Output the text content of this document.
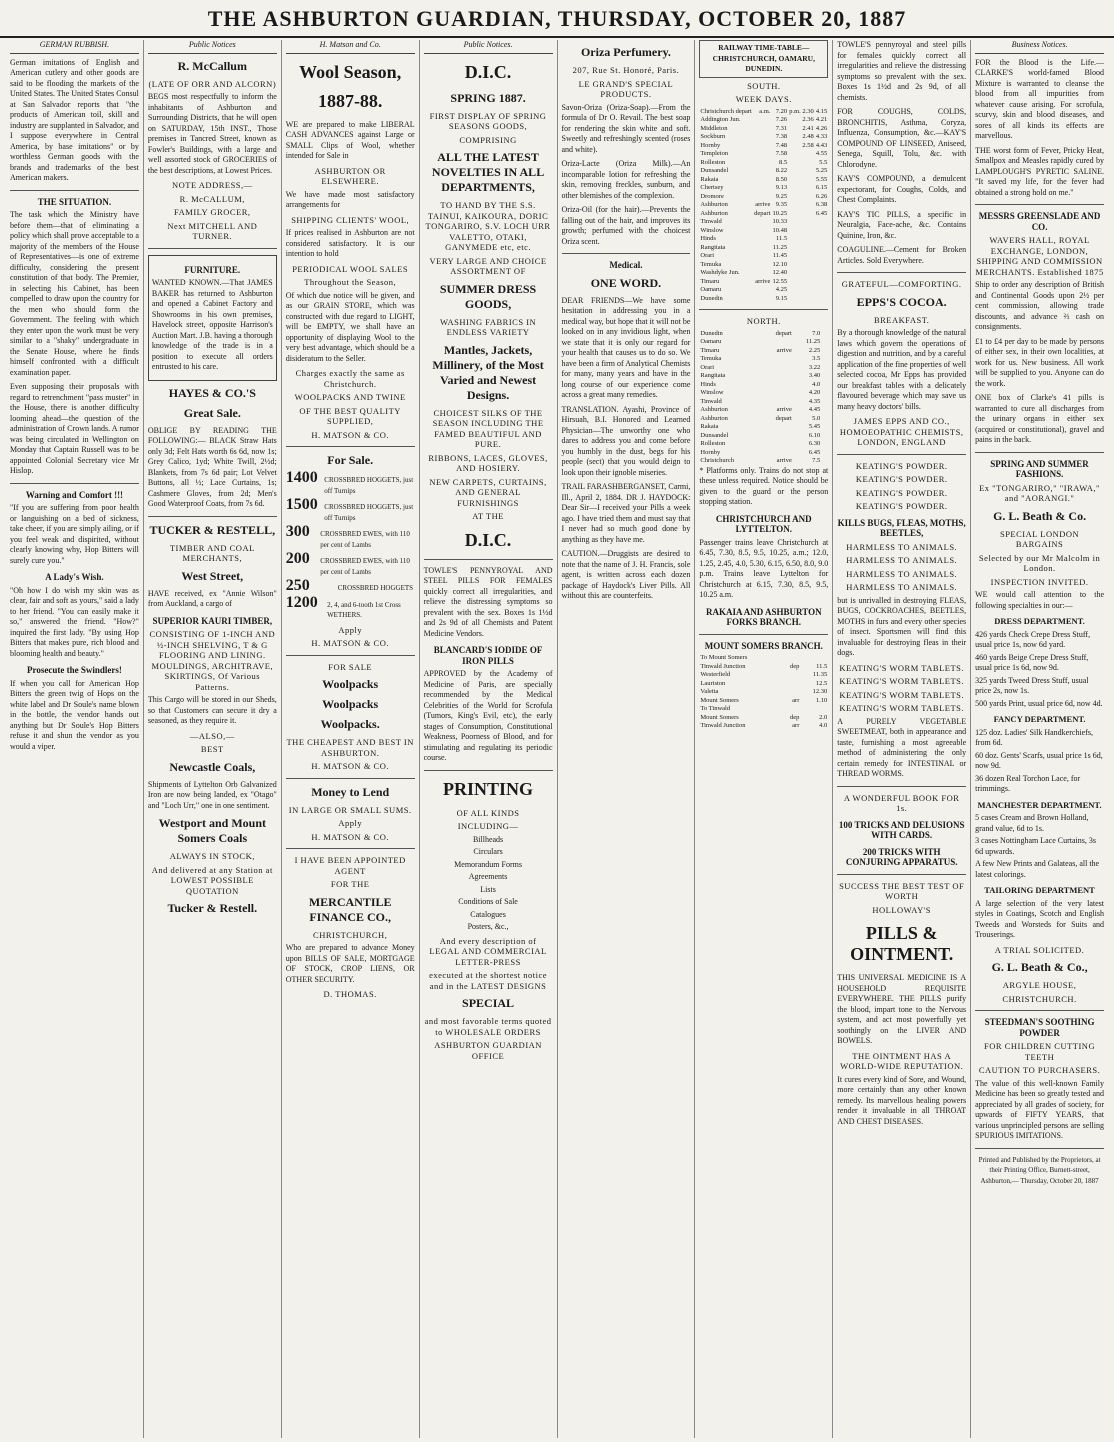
THE ASHBURTON GUARDIAN, THURSDAY, OCTOBER 20, 1887
GERMAN RUBBISH.

German imitations of English and American cutlery and other goods are said to be flooding the markets of the United States. The United States Consul at San Salvador reports that "the products of American toil, skill and industry are supplanted in Salvador, and I suppose everywhere in Central America, by base imitations" or by worthless German goods with the brands and trademarks of the best American makers.

THE SITUATION.

The task which the Ministry have before them—that of eliminating a policy which shall prove acceptable to a majority of the members of the House of Representatives—is one of extreme difficulty, considering the present constitution of that body. The Premier, in selecting his Cabinet, has been compelled to draw upon the country for the men who should form the Government. The feeling with which they enter upon the work must be very similar to a "shaky" undergraduate in the Senate House, where he finds himself confronted with a difficult examination paper.

Even supposing their proposals with regard to retrenchment "pass muster" in the House, there is another difficulty looming ahead—the question of the administration of Crown lands. A rumor was being circulated in Wellington on Monday that Captain Russell was to be appointed Colonial Secretary vice Mr Hislop.

Warning and Comfort !!!

"If you are suffering from poor health or languishing on a bed of sickness, take cheer, if you are simply ailing, or if you feel weak and dispirited, without clearly knowing why, Hop Bitters will surely cure you."

A Lady's Wish.

"Oh how I do wish my skin was as clear, fair and soft as yours," said a lady to her friend. "You can easily make it so," answered the friend. "How?" inquired the first lady. "By using Hop Bitters that makes pure, rich blood and blooming health and beauty."

Prosecute the Swindlers!

If when you call for American Hop Bitters the green twig of Hops on the white label and Dr Soule's name blown in the bottle, the vendor hands out anything but Dr Soule's Hop Bitters refuse it and shun the vendor as you would a viper.

Public Notices
R. McCallum
(LATE OF ORR AND ALCORN)

BEGS most respectfully to inform the inhabitants of Ashburton and Surrounding Districts, that he will open on SATURDAY, 15th INST., Those premises in Tancred Street, known as Fowler's Buildings, with a large and well assorted stock of GROCERIES of the best descriptions, at Lowest Prices.

NOTE ADDRESS,—
R. McCALLUM,
FAMILY GROCER,
Next MITCHELL AND TURNER.
FURNITURE.

WANTED KNOWN.—That JAMES BAKER has returned to Ashburton and opened a Cabinet Factory and Showrooms in his own premises, Havelock street, opposite Harrison's Auction Mart. J.B. having a thorough knowledge of the trade is in a position to execute all orders entrusted to his care.

HAYES & CO.'S
Great Sale.

OBLIGE BY READING THE FOLLOWING:— BLACK Straw Hats only 3d; Felt Hats worth 6s 6d, now 1s; Grey Calico, 1yd; White Twill, 2½d; Blankets, from 7s 6d pair; Lot Velvet Buttons, all ½; Lace Curtains, 1s; Cashmere Gloves, from 2d; Men's Good Waterproof Coats, from 7s 6d.

TUCKER & RESTELL,
TIMBER AND COAL MERCHANTS,
West Street,

HAVE received, ex "Annie Wilson" from Auckland, a cargo of

SUPERIOR KAURI TIMBER,
CONSISTING OF 1-INCH AND ½-INCH SHELVING, T & G FLOORING AND LINING. MOULDINGS, ARCHITRAVE, SKIRTINGS, Of Various Patterns.

This Cargo will be stored in our Sheds, so that Customers can secure it dry a seasoned, as they require it.

—ALSO,—
BEST
Newcastle Coals,

Shipments of Lyttelton Orb Galvanized Iron are now being landed, ex "Otago" and "Loch Urr," one in one sentiment.

Westport and Mount Somers Coals
ALWAYS IN STOCK,
And delivered at any Station at LOWEST POSSIBLE QUOTATION
Tucker & Restell.
H. Matson and Co.
Wool Season,
1887-88.

WE are prepared to make LIBERAL CASH ADVANCES against Large or SMALL Clips of Wool, whether intended for Sale in

ASHBURTON OR ELSEWHERE.

We have made most satisfactory arrangements for

SHIPPING CLIENTS' WOOL,

If prices realised in Ashburton are not considered satisfactory. It is our intention to hold

PERIODICAL WOOL SALES
Throughout the Season,

Of which due notice will be given, and as our GRAIN STORE, which was constructed with due regard to LIGHT, will be EMPTY, we shall have an opportunity of displaying Wool to the very best advantage, which should be a disideratum to the Seller.

Charges exactly the same as Christchurch.
WOOLPACKS AND TWINE
OF THE BEST QUALITY SUPPLIED,
H. MATSON & CO.
For Sale.
1400 CROSSBRED HOGGETS, just off Turnips
1500 CROSSBRED HOGGETS, just off Turnips
300	CROSSBRED EWES, with 110 per cent of Lambs
200	CROSSBRED EWES, with 110 per cent of Lambs
250	CROSSBRED HOGGETS
1200	2, 4, and 6-tooth 1st Cross WETHERS.
Apply
H. MATSON & CO.
FOR SALE
Woolpacks
Woolpacks
Woolpacks.
THE CHEAPEST AND BEST IN ASHBURTON.
H. MATSON & CO.
Money to Lend
IN LARGE OR SMALL SUMS.
Apply
H. MATSON & CO.
I HAVE BEEN APPOINTED AGENT
FOR THE
MERCANTILE FINANCE CO.,
CHRISTCHURCH,

Who are prepared to advance Money upon BILLS OF SALE, MORTGAGE OF STOCK, CROP LIENS, OR OTHER SECURITY.

D. THOMAS.
Public Notices.
D.I.C.
SPRING 1887.
FIRST DISPLAY OF SPRING SEASONS GOODS,
COMPRISING
ALL THE LATEST NOVELTIES IN ALL DEPARTMENTS,
TO HAND BY THE S.S. TAINUI, KAIKOURA, DORIC TONGARIRO, S.V. LOCH URR VALETTO, OTAKI, GANYMEDE etc, etc.
VERY LARGE AND CHOICE ASSORTMENT OF
SUMMER DRESS GOODS,
WASHING FABRICS IN ENDLESS VARIETY
Mantles, Jackets, Millinery, of the Most Varied and Newest Designs.
CHOICEST SILKS OF THE SEASON INCLUDING THE FAMED BEAUTIFUL AND PURE.
RIBBONS, LACES, GLOVES, AND HOSIERY.
NEW CARPETS, CURTAINS, AND GENERAL FURNISHINGS
AT THE
D.I.C.

TOWLE'S PENNYROYAL AND STEEL PILLS FOR FEMALES quickly correct all irregularities, and relieve the distressing symptoms so prevalent with the sex. Boxes 1s 1½d and 2s 9d of all Chemists and Patent Medicine Vendors.

BLANCARD'S IODIDE OF IRON PILLS

APPROVED by the Academy of Medicine of Paris, are specially recommended by the Medical Celebrities of the World for Scrofula (Tumors, King's Evil, etc), the early stages of Consumption, Constitutional Weakness, Poorness of Blood, and for stimulating and regulating its periodic course.

PRINTING
OF ALL KINDS
INCLUDING—
Billheads
Circulars
Memorandum Forms
Agreements
Lists
Conditions of Sale
Catalogues
Posters, &c.,
And every description of LEGAL AND COMMERCIAL LETTER-PRESS
executed at the shortest notice and in the LATEST DESIGNS
SPECIAL
and most favorable terms quoted to WHOLESALE ORDERS
ASHBURTON GUARDIAN OFFICE
Oriza Perfumery.
207, Rue St. Honoré, Paris.
LE GRAND'S SPECIAL PRODUCTS.

Savon-Oriza (Oriza-Soap).—From the formula of Dr O. Revail. The best soap for rendering the skin white and soft. Sweetly and refreshingly scented (roses and white).

Oriza-Lacte (Oriza Milk).—An incomparable lotion for refreshing the skin, removing freckles, sunburn, and other blemishes of the complexion.

Oriza-Oil (for the hair).—Prevents the falling out of the hair, and improves its growth; perfumed with the choicest Oriza scent.

Medical.
ONE WORD.

DEAR FRIENDS—We have some hesitation in addressing you in a medical way, but hope that it will not be looked on in any invidious light, when we state that it is only our regard for your health that causes us to do so. We have been a firm of Analytical Chemists for many, many years and have in the long course of our experience come across a great many remedies.

TRANSLATION. Ayashi, Province of Hirsuah, B.I. Honored and Learned Physician—The unworthy one who dares to address you and come before you humbly in the dust, begs for his people (sect) that you would deign to look upon their ignoble miseries.

TRAIL FARASHBERGANSET, Carmi, Ill., April 2, 1884. DR J. HAYDOCK: Dear Sir—I received your Pills a week ago. I have tried them and must say that I never had so much good done by anything as they have me.

CAUTION.—Druggists are desired to note that the name of J. H. Francis, sole agent, is written across each dozen package of Haydock's Liver Pills. All without this are counterfeits.

RAILWAY TIME-TABLE—CHRISTCHURCH, OAMARU, DUNEDIN.
SOUTH.
WEEK DAYS.
Christchurch depart	a.m.	7.20	p.m. 2.30	4.15
Addington Jun.		7.26	2.36	4.21
Middleton		7.31	2.41	4.26
Sockburn		7.38	2.48	4.33
Hornby		7.48	2.58	4.43
Templeton		7.58		4.55
Rolleston		8.5		5.5
Dunsandel		8.22		5.25
Rakaia		8.50		5.55
Chertsey		9.13		6.15
Dromore		9.25		6.26
Ashburton	arrive	9.35		6.38
Ashburton	depart	10.25		6.45
Tinwald		10.33		
Winslow		10.48		
Hinds		11.5		
Rangitata		11.25		
Orari		11.45		
Temuka		12.10		
Washdyke Jun.		12.40		
Timaru	arrive	12.55		
Oamaru		4.25		
Dunedin		9.15		
NORTH.
Dunedin	depart	7.0		
Oamaru		11.25		
Timaru	arrive	2.25		
Temuka		3.5		
Orari		3.22		
Rangitata		3.40		
Hinds		4.0		
Winslow		4.20		
Tinwald		4.35		
Ashburton	arrive	4.45		
Ashburton	depart	5.0		
Rakaia		5.45		
Dunsandel		6.10		
Rolleston		6.30		
Hornby		6.45		
Christchurch	arrive	7.5		

* Platforms only. Trains do not stop at these unless required. Notice should be given to the guard or the person stopping station.

CHRISTCHURCH AND LYTTELTON.

Passenger trains leave Christchurch at 6.45, 7.30, 8.5, 9.5, 10.25, a.m.; 12.0, 1.25, 2.45, 4.0, 5.30, 6.15, 6.50, 8.0, 9.0 p.m. Trains leave Lyttelton for Christchurch at 6.15, 7.30, 8.5, 9.5, 10.25 a.m.

RAKAIA AND ASHBURTON FORKS BRANCH.
MOUNT SOMERS BRANCH.
To Mount Somers		
Tinwald Junction	dep	11.5
Westerfield		11.35
Lauriston		12.5
Valetta		12.30
Mount Somers	arr	1.10
To Tinwald		
Mount Somers	dep	2.0
Tinwald Junction	arr	4.0

TOWLE'S pennyroyal and steel pills for females quickly correct all irregularities and relieve the distressing symptoms so prevalent with the sex. Boxes 1s 1½d and 2s 9d, of all chemists.

FOR COUGHS, COLDS, BRONCHITIS, Asthma, Coryza, Influenza, Consumption, &c.—KAY'S COMPOUND OF LINSEED, Aniseed, Senega, Squill, Tolu, &c. with Chlorodyne.

KAY'S COMPOUND, a demulcent expectorant, for Coughs, Colds, and Chest Complaints.

KAY'S TIC PILLS, a specific in Neuralgia, Face-ache, &c. Contains Quinine, Iron, &c.

COAGULINE.—Cement for Broken Articles. Sold Everywhere.

GRATEFUL—COMFORTING.
EPPS'S COCOA.
BREAKFAST.

By a thorough knowledge of the natural laws which govern the operations of digestion and nutrition, and by a careful application of the fine properties of well selected cocoa, Mr Epps has provided our breakfast tables with a delicately flavoured beverage which may save us many heavy doctors' bills.

JAMES EPPS AND CO., HOMOEOPATHIC CHEMISTS, LONDON, ENGLAND
KEATING'S POWDER.
KEATING'S POWDER.
KEATING'S POWDER.
KEATING'S POWDER.
KILLS BUGS, FLEAS, MOTHS, BEETLES,
HARMLESS TO ANIMALS.
HARMLESS TO ANIMALS.
HARMLESS TO ANIMALS.
HARMLESS TO ANIMALS.

but is unrivalled in destroying FLEAS, BUGS, COCKROACHES, BEETLES, MOTHS in furs and every other species of insect. Sportsmen will find this invaluable for destroying fleas in their dogs.

KEATING'S WORM TABLETS.
KEATING'S WORM TABLETS.
KEATING'S WORM TABLETS.
KEATING'S WORM TABLETS.

A PURELY VEGETABLE SWEETMEAT, both in appearance and taste, furnishing a most agreeable method of administering the only certain remedy for INTESTINAL or THREAD WORMS.

A WONDERFUL BOOK FOR 1s.
100 TRICKS AND DELUSIONS WITH CARDS.
200 TRICKS WITH CONJURING APPARATUS.
SUCCESS THE BEST TEST OF WORTH
HOLLOWAY'S
PILLS & OINTMENT.

THIS UNIVERSAL MEDICINE IS A HOUSEHOLD REQUISITE EVERYWHERE. THE PILLS purify the blood, impart tone to the Nervous system, and act most powerfully yet soothingly on the LIVER AND BOWELS.

THE OINTMENT HAS A WORLD-WIDE REPUTATION.

It cures every kind of Sore, and Wound, more certainly than any other known remedy. Its marvellous healing powers render it invaluable in all THROAT AND CHEST DISEASES.

Business Notices.

FOR the Blood is the Life.—CLARKE'S world-famed Blood Mixture is warranted to cleanse the blood from all impurities from whatever cause arising. For scrofula, scurvy, skin and blood diseases, and sores of all kinds its effects are marvellous.

THE worst form of Fever, Pricky Heat, Smallpox and Measles rapidly cured by LAMPLOUGH'S PYRETIC SALINE. "It saved my life, for the fever had obtained a strong hold on me."

MESSRS GREENSLADE AND CO.
WAVERS HALL, ROYAL EXCHANGE, LONDON, SHIPPING AND COMMISSION MERCHANTS. Established 1875

Ship to order any description of British and Continental Goods upon 2½ per cent commission, allowing trade discounts, and advance ⅔ cash on consignments.

£1 to £4 per day to be made by persons of either sex, in their own localities, at work for us. New business. All work will be supplied to you. Anyone can do the work.

ONE box of Clarke's 41 pills is warranted to cure all discharges from the urinary organs in either sex (acquired or constitutional), gravel and pains in the back.

SPRING AND SUMMER FASHIONS.
Ex "TONGARIRO," "IRAWA," and "AORANGI."
G. L. Beath & Co.
SPECIAL LONDON BARGAINS
Selected by our Mr Malcolm in London.
INSPECTION INVITED.

WE would call attention to the following specialties in our:—

DRESS DEPARTMENT.
426 yards Check Crepe Dress Stuff, usual price 1s, now 6d yard.
460 yards Beige Crepe Dress Stuff, usual price 1s 6d, now 9d.
325 yards Tweed Dress Stuff, usual price 2s, now 1s.
500 yards Print, usual price 6d, now 4d.
FANCY DEPARTMENT.
125 doz. Ladies' Silk Handkerchiefs, from 6d.
60 doz. Gents' Scarfs, usual price 1s 6d, now 9d.
36 dozen Real Torchon Lace, for trimmings.
MANCHESTER DEPARTMENT.
5 cases Cream and Brown Holland, grand value, 6d to 1s.
3 cases Nottingham Lace Curtains, 3s 6d upwards.
A few New Prints and Galateas, all the latest colorings.
TAILORING DEPARTMENT

A large selection of the very latest styles in Coatings, Scotch and English Tweeds and Worsteds for Suits and Trouserings.

A TRIAL SOLICITED.
G. L. Beath & Co.,
ARGYLE HOUSE,
CHRISTCHURCH.
STEEDMAN'S SOOTHING POWDER
FOR CHILDREN CUTTING TEETH
CAUTION TO PURCHASERS.

The value of this well-known Family Medicine has been so greatly tested and appreciated by all grades of society, for upwards of FIFTY YEARS, that various unprincipled persons are selling SPURIOUS IMITATIONS.

Printed and Published by the Proprietors, at their Printing Office, Burnett-street, Ashburton,— Thursday, October 20, 1887
